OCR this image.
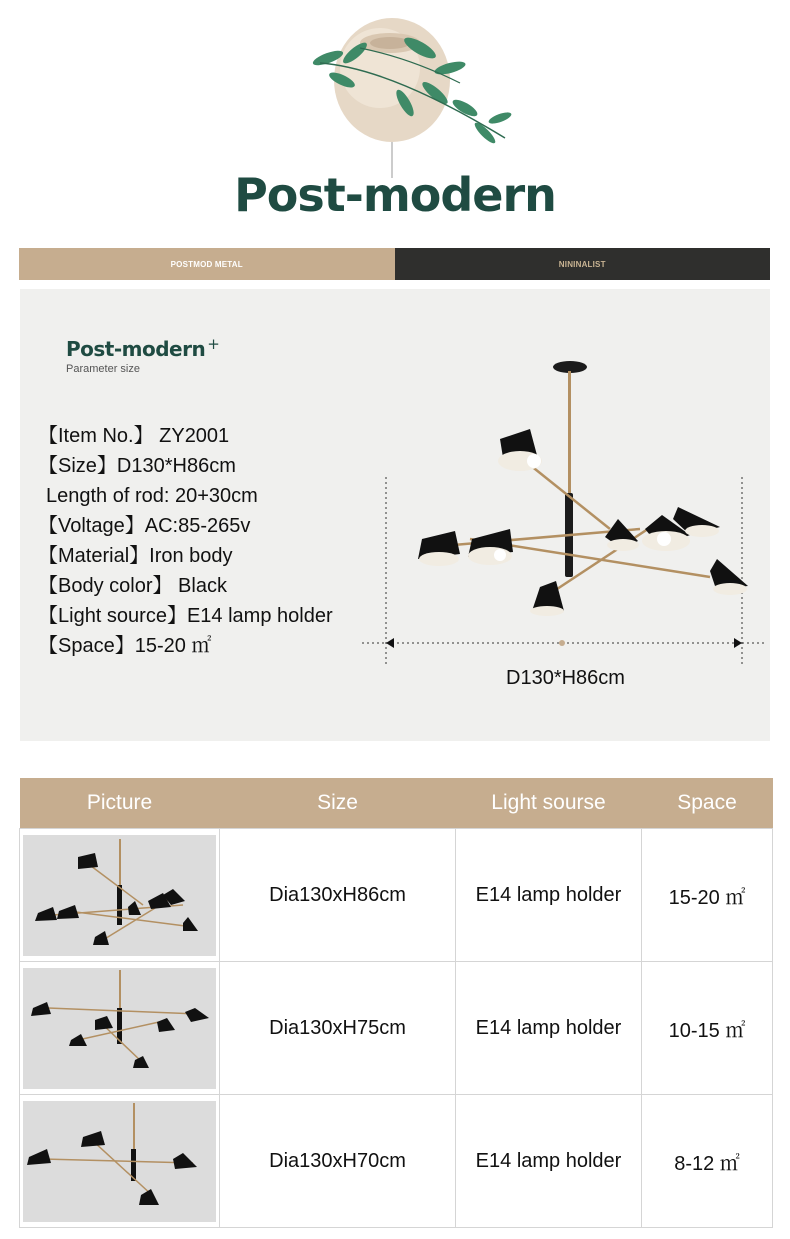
Post-modern
POSTMOD METAL	NININALIST
Post-modern +
Parameter size
【Item No.】 ZY2001
【Size】D130*H86cm
Length of rod: 20+30cm
【Voltage】AC:85-265v
【Material】Iron body
【Body color】 Black
【Light source】E14 lamp holder
【Space】15-20 ㎡
D130*H86cm
Picture	Size	Light sourse	Space

	Dia130xH86cm	E14 lamp holder	15-20 ㎡

	Dia130xH75cm	E14 lamp holder	10-15 ㎡

	Dia130xH70cm	E14 lamp holder	8-12 ㎡
